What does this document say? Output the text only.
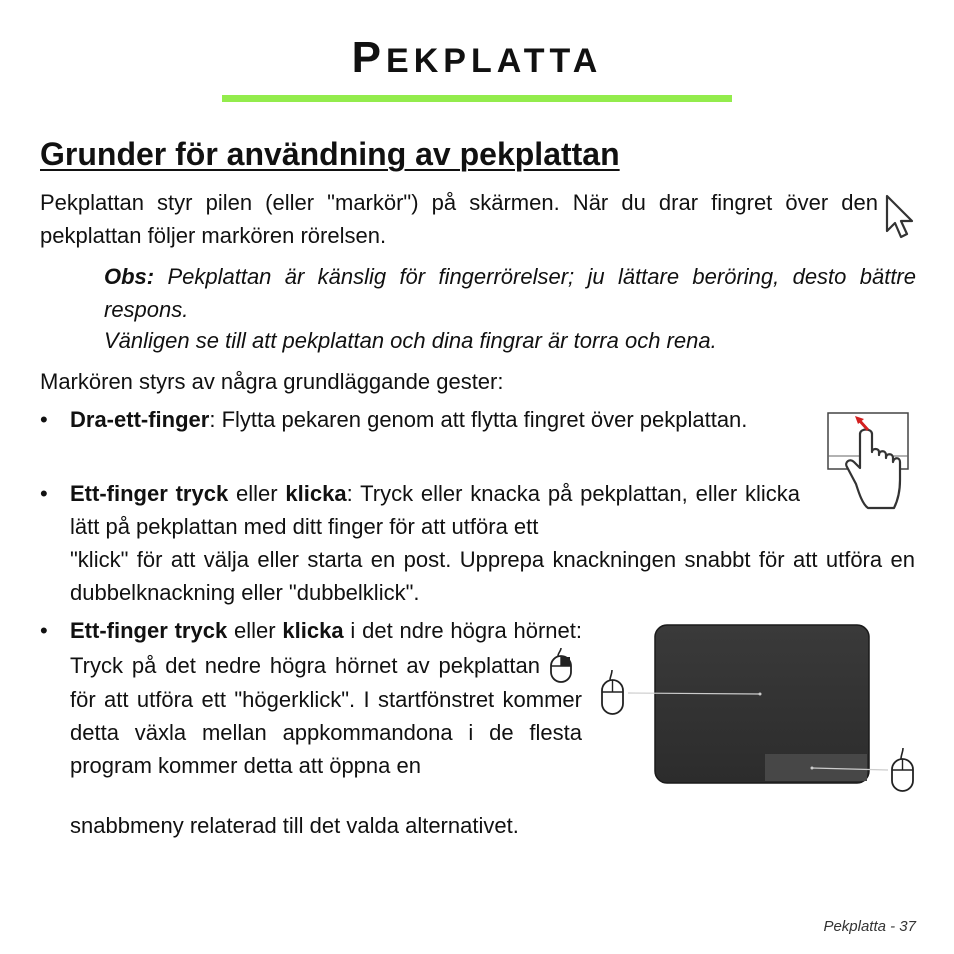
PEKPLATTA
Grunder för användning av pekplattan
Pekplattan styr pilen (eller "markör") på skärmen. När du drar fingret över den pekplattan följer markören rörelsen.
Obs: Pekplattan är känslig för fingerrörelser; ju lättare beröring, desto bättre respons.
Vänligen se till att pekplattan och dina fingrar är torra och rena.
Markören styrs av några grundläggande gester:
• Dra-ett-finger: Flytta pekaren genom att flytta fingret över pekplattan.
• Ett-finger tryck eller klicka: Tryck eller knacka på pekplattan, eller klicka lätt på pekplattan med ditt finger för att utföra ett
"klick" för att välja eller starta en post. Upprepa knackningen snabbt för att utföra en dubbelknackning eller "dubbelklick".
• Ett-finger tryck eller klicka i det ndre högra hörnet: Tryck på det nedre högra hörnet av pekplattan för att utföra ett "högerklick". I startfönstret kommer detta växla mellan appkommandona i de flesta program kommer detta att öppna en
snabbmeny relaterad till det valda alternativet.
Pekplatta - 37
